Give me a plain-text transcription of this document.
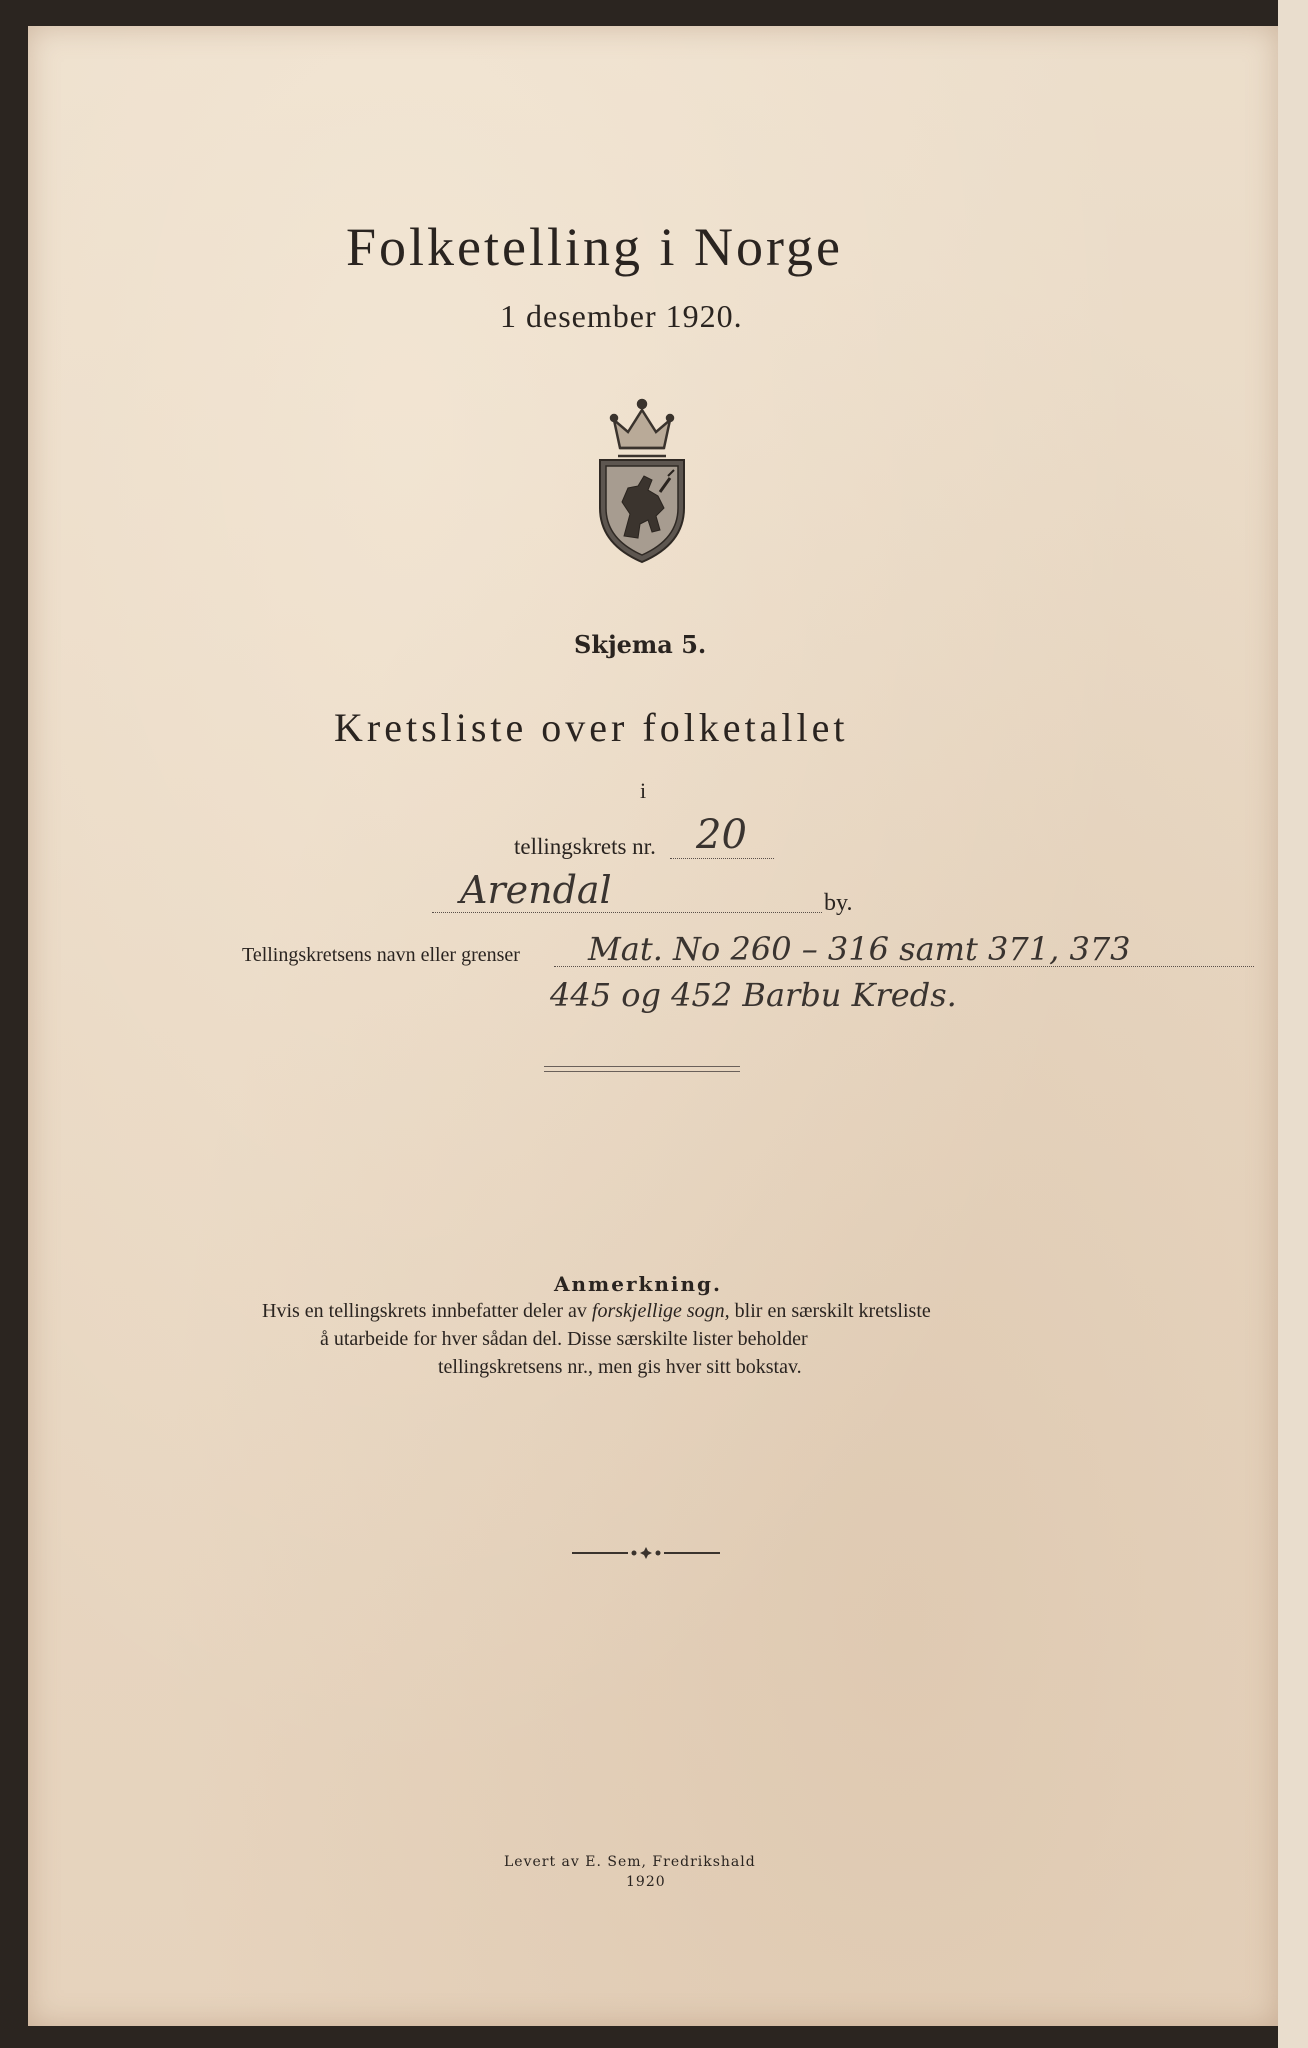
Folketelling i Norge
1 desember 1920.
Skjema 5.
Kretsliste over folketallet
i
tellingskrets nr. 20
Arendal	by.
Tellingskretsens navn eller grenser Mat. No 260 – 316 samt 371, 373
445 og 452 Barbu Kreds.
Anmerkning.
Hvis en tellingskrets innbefatter deler av forskjellige sogn, blir en særskilt kretsliste
å utarbeide for hver sådan del. Disse særskilte lister beholder
tellingskretsens nr., men gis hver sitt bokstav.
Levert av E. Sem, Fredrikshald
1920
